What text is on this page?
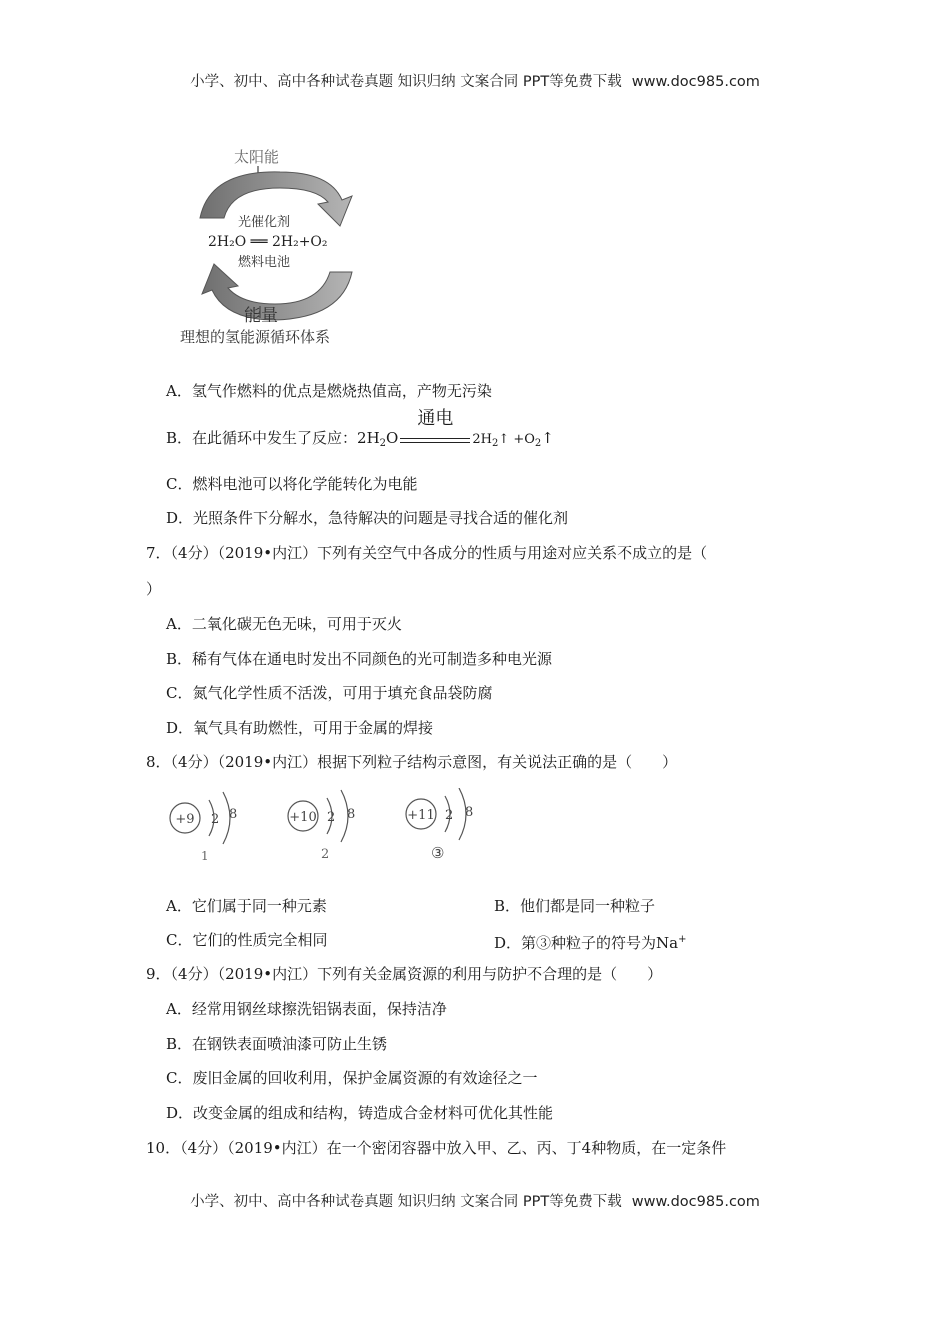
小学、初中、高中各种试卷真题 知识归纳 文案合同 PPT等免费下载 www.doc985.com
太阳能
光催化剂
2H₂O ══ 2H₂+O₂
燃料电池
能量
理想的氢能源循环体系
A．氢气作燃料的优点是燃烧热值高，产物无污染
B．在此循环中发生了反应：$2H_2O$
通电
$2H_2↑$ $+O_2↑$
C．燃料电池可以将化学能转化为电能
D．光照条件下分解水，急待解决的问题是寻找合适的催化剂
7．（4分）（2019•内江）下列有关空气中各成分的性质与用途对应关系不成立的是（
）
A．二氧化碳无色无味，可用于灭火
B．稀有气体在通电时发出不同颜色的光可制造多种电光源
C．氮气化学性质不活泼，可用于填充食品袋防腐
D．氧气具有助燃性，可用于金属的焊接
8．（4分）（2019•内江）根据下列粒子结构示意图，有关说法正确的是（　　）
+9 2 8
1
+10 2 8
2
+11 2 8
③
A．它们属于同一种元素	B．他们都是同一种粒子
C．它们的性质完全相同	D．第③种粒子的符号为Na+
9．（4分）（2019•内江）下列有关金属资源的利用与防护不合理的是（　　）
A．经常用钢丝球擦洗铝锅表面，保持洁净
B．在钢铁表面喷油漆可防止生锈
C．废旧金属的回收利用，保护金属资源的有效途径之一
D．改变金属的组成和结构，铸造成合金材料可优化其性能
10．（4分）（2019•内江）在一个密闭容器中放入甲、乙、丙、丁4种物质，在一定条件
小学、初中、高中各种试卷真题 知识归纳 文案合同 PPT等免费下载 www.doc985.com
